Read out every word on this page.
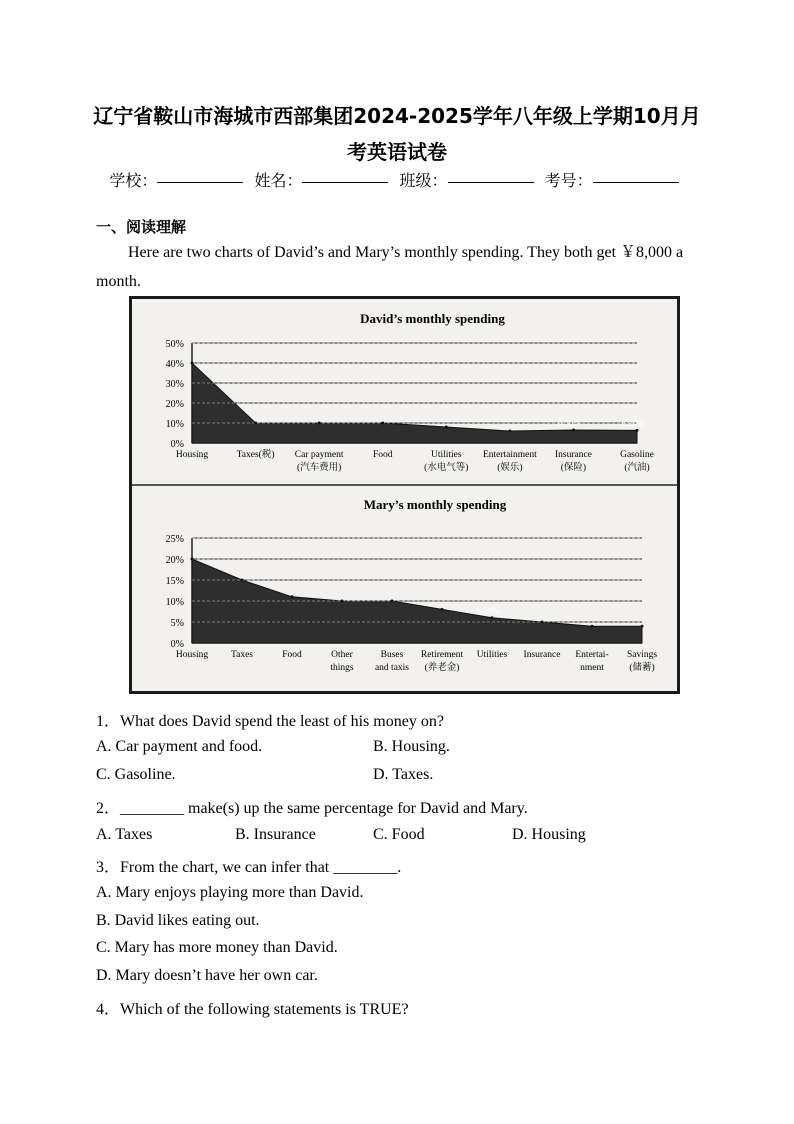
辽宁省鞍山市海城市西部集团2024-2025学年八年级上学期10月月
考英语试卷
学校：	姓名：	班级：	考号：
一、阅读理解
Here are two charts of David’s and Mary’s monthly spending. They both get ￥8,000 a month.
David’s monthly spending
0%
10%
20%
30%
40%
50%
6.50%	6.30%
Housing	Taxes(税) Car payment (汽车费用)
Food	Utilities (水电气等)
Entertainment (娱乐)
Insurance (保险)
Gasoline (汽油)
Mary’s monthly spending
0%
5%
10%
15%
20%
25%
6.00%
Housing Taxes	Food	Other things
Buses and taxis
Retirement (养老金)
Utilities Insurance Entertai-nment
Savings (储蓄)
1．What does David spend the least of his money on?
A. Car payment and food.	B. Housing.
C. Gasoline.	D. Taxes.
2．________ make(s) up the same percentage for David and Mary.
A. Taxes	B. Insurance	C. Food	D. Housing
3．From the chart, we can infer that ________.
A. Mary enjoys playing more than David.
B. David likes eating out.
C. Mary has more money than David.
D. Mary doesn’t have her own car.
4．Which of the following statements is TRUE?
